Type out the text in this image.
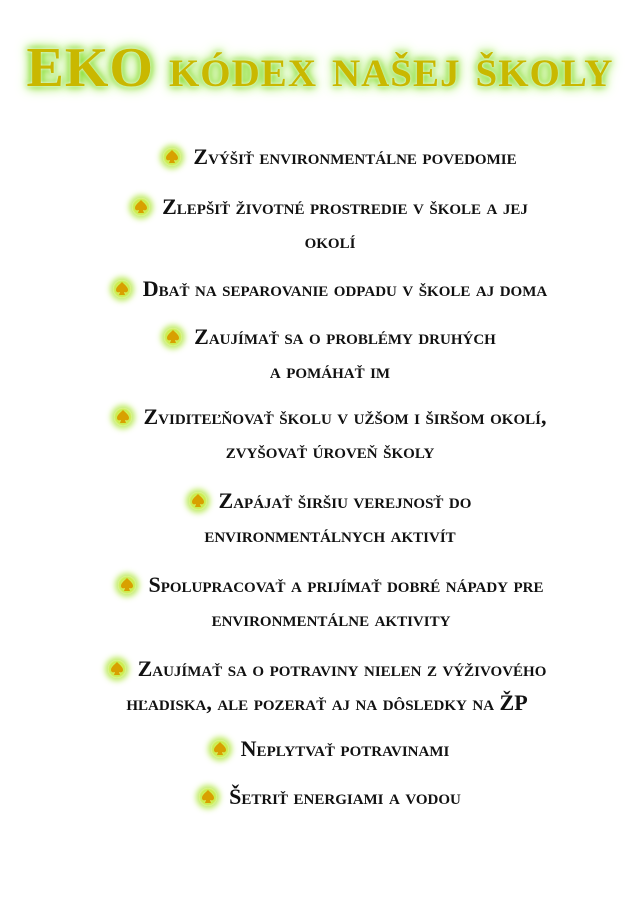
EKO kódex našej školy
Zvýšiť environmentálne povedomie
Zlepšiť životné prostredie v škole a jej
okolí
Dbať na separovanie odpadu v škole aj doma
Zaujímať sa o problémy druhých
a pomáhať im
Zviditeľňovať školu v užšom i širšom okolí,
zvyšovať úroveň školy
Zapájať širšiu verejnosť do
environmentálnych aktivít
Spolupracovať a prijímať dobré nápady pre
environmentálne aktivity
Zaujímať sa o potraviny nielen z výživového
hľadiska, ale pozerať aj na dôsledky na ŽP
Neplytvať potravinami
Šetriť energiami a vodou
